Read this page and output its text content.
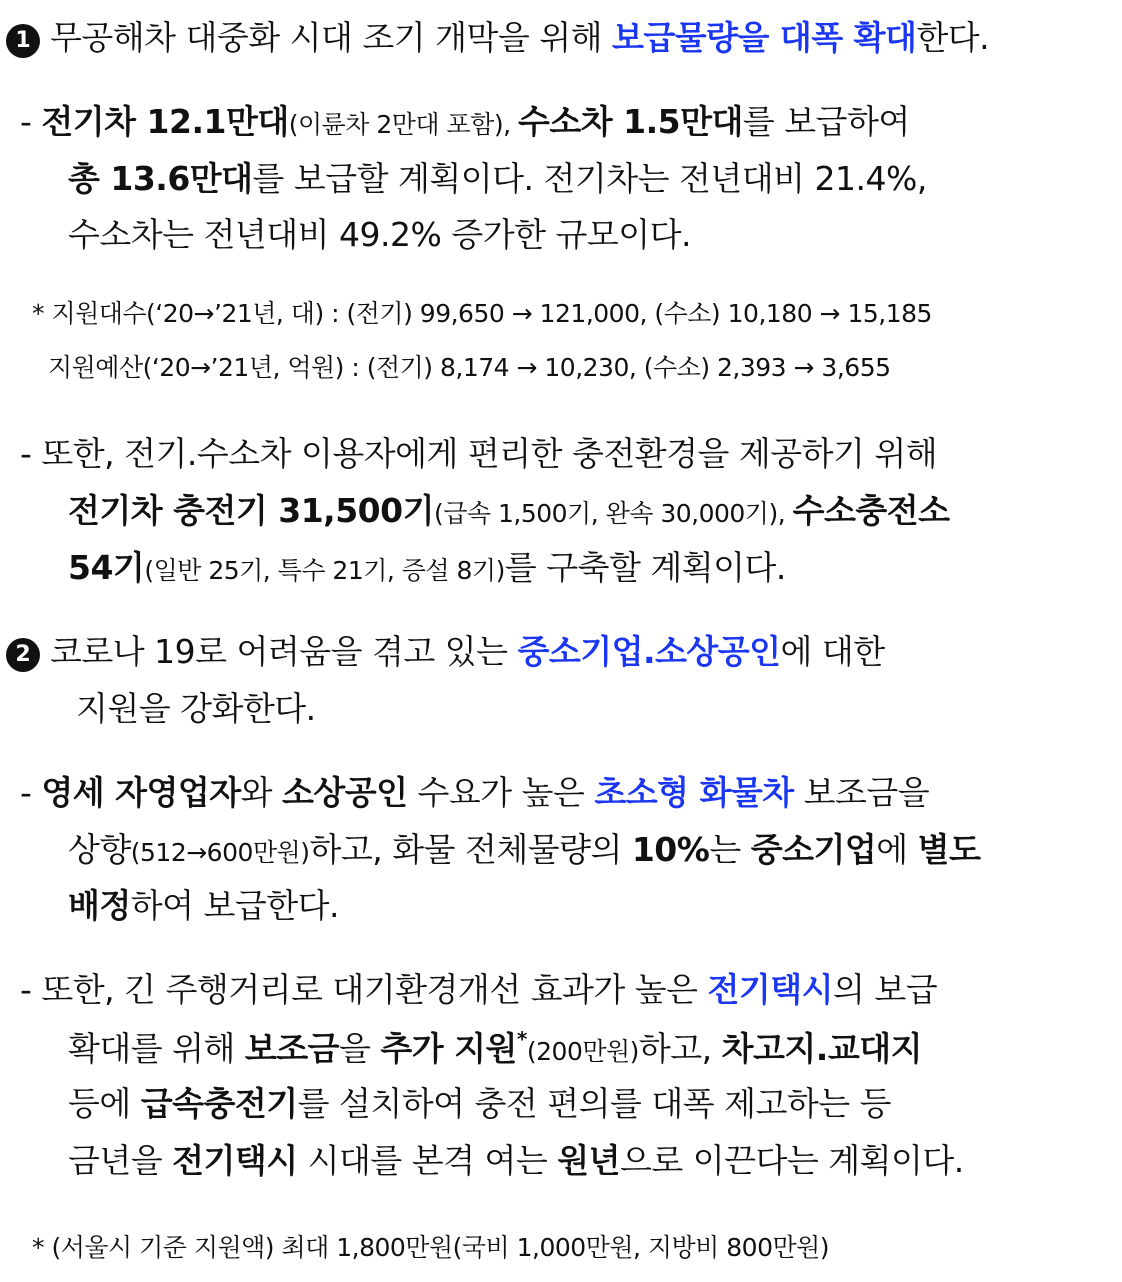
1 무공해차 대중화 시대 조기 개막을 위해 보급물량을 대폭 확대한다.
- 전기차 12.1만대(이륜차 2만대 포함), 수소차 1.5만대를 보급하여
총 13.6만대를 보급할 계획이다. 전기차는 전년대비 21.4%,
수소차는 전년대비 49.2% 증가한 규모이다.
* 지원대수(‘20→’21년, 대) : (전기) 99,650 → 121,000, (수소) 10,180 → 15,185
지원예산(‘20→’21년, 억원) : (전기) 8,174 → 10,230, (수소) 2,393 → 3,655
- 또한, 전기.수소차 이용자에게 편리한 충전환경을 제공하기 위해
전기차 충전기 31,500기(급속 1,500기, 완속 30,000기), 수소충전소
54기(일반 25기, 특수 21기, 증설 8기)를 구축할 계획이다.
2 코로나 19로 어려움을 겪고 있는 중소기업.소상공인에 대한
지원을 강화한다.
- 영세 자영업자와 소상공인 수요가 높은 초소형 화물차 보조금을
상향(512→600만원)하고, 화물 전체물량의 10%는 중소기업에 별도
배정하여 보급한다.
- 또한, 긴 주행거리로 대기환경개선 효과가 높은 전기택시의 보급
확대를 위해 보조금을 추가 지원*(200만원)하고, 차고지.교대지
등에 급속충전기를 설치하여 충전 편의를 대폭 제고하는 등
금년을 전기택시 시대를 본격 여는 원년으로 이끈다는 계획이다.
* (서울시 기준 지원액) 최대 1,800만원(국비 1,000만원, 지방비 800만원)
